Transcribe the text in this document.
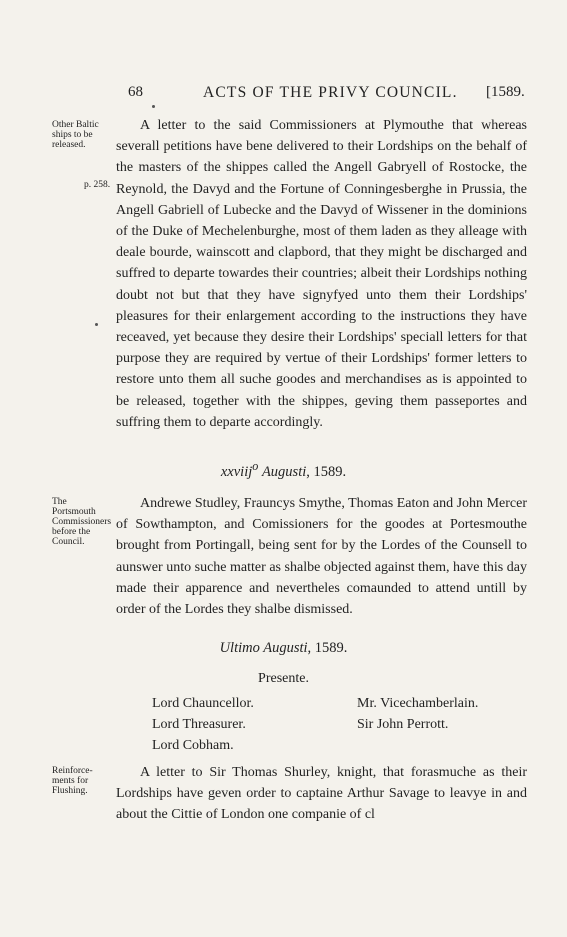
68	ACTS OF THE PRIVY COUNCIL. [1589.
Other Baltic
ships to be
released.
p. 258.

A letter to the said Commissioners at Plymouthe that whereas severall petitions have bene delivered to their Lordships on the behalf of the masters of the shippes called the Angell Gabryell of Rostocke, the Reynold, the Davyd and the Fortune of Conningesberghe in Prussia, the Angell Gabriell of Lubecke and the Davyd of Wissener in the dominions of the Duke of Mechelenburghe, most of them laden as they alleage with deale bourde, wainscott and clapbord, that they might be discharged and suffred to departe towardes their countries; albeit their Lordships nothing doubt not but that they have signyfyed unto them their Lordships' pleasures for their enlargement according to the instructions they have receaved, yet because they desire their Lordships' speciall letters for that purpose they are required by vertue of their Lordships' former letters to restore unto them all suche goodes and merchandises as is appointed to be released, together with the shippes, geving them passeportes and suffring them to departe accordingly.

xxviij$^o$ Augusti, 1589.
The
Portsmouth
Commissioners
before the
Council.

Andrewe Studley, Frauncys Smythe, Thomas Eaton and John Mercer of Sowthampton, and Comissioners for the goodes at Portesmouthe brought from Portingall, being sent for by the Lordes of the Counsell to aunswer unto suche matter as shalbe objected against them, have this day made their apparence and nevertheles comaunded to attend untill by order of the Lordes they shalbe dismissed.

Ultimo Augusti, 1589.
Presente.
Lord Chauncellor.
Lord Threasurer.
Lord Cobham.
Mr. Vicechamberlain.
Sir John Perrott.
Reinforce-
ments for
Flushing.

A letter to Sir Thomas Shurley, knight, that forasmuche as their Lordships have geven order to captaine Arthur Savage to leavye in and about the Cittie of London one companie of cl
